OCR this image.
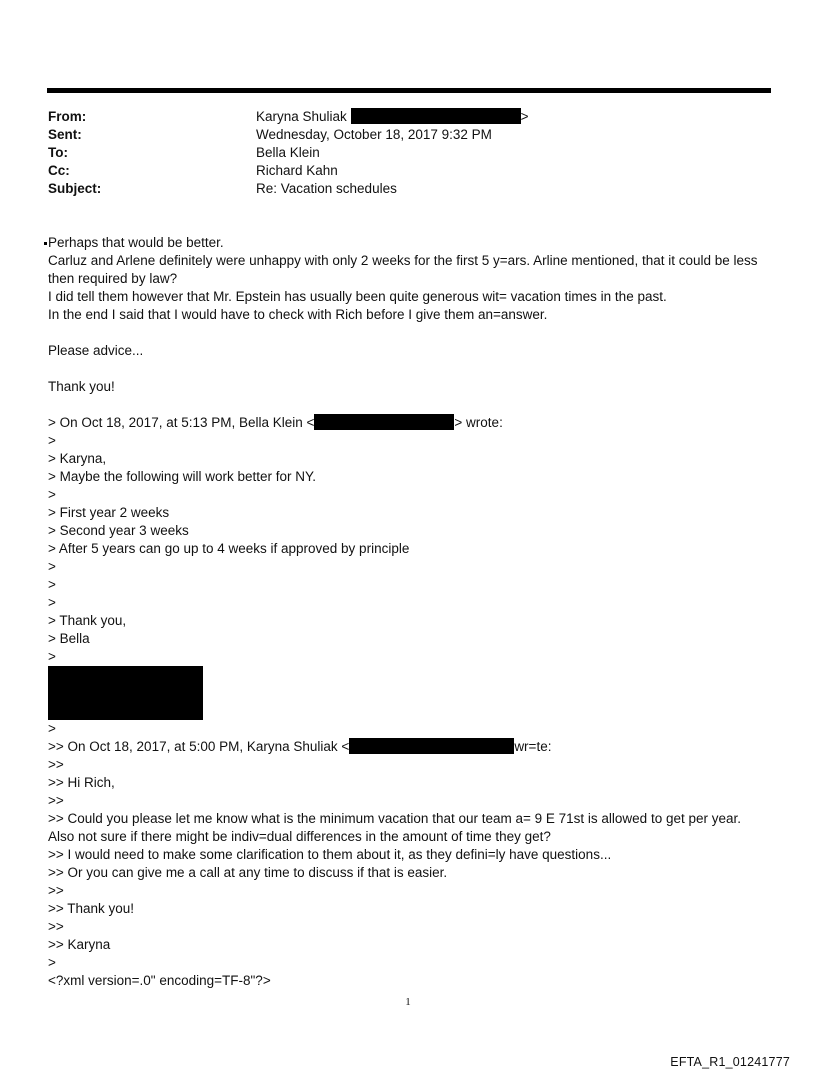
From:	Karyna Shuliak	>
Sent:	Wednesday, October 18, 2017 9:32 PM
To:	Bella Klein
Cc:	Richard Kahn
Subject:	Re: Vacation schedules
Perhaps that would be better.
Carluz and Arlene definitely were unhappy with only 2 weeks for the first 5 y=ars. Arline mentioned, that it could be less then required by law?
I did tell them however that Mr. Epstein has usually been quite generous wit= vacation times in the past.
In the end I said that I would have to check with Rich before I give them an=answer.
Please advice...
Thank you!
> On Oct 18, 2017, at 5:13 PM, Bella Klein <	> wrote:
>
> Karyna,
> Maybe the following will work better for NY.
>
> First year 2 weeks
> Second year 3 weeks
> After 5 years can go up to 4 weeks if approved by principle
>
>
>
> Thank you,
> Bella
>
>
>> On Oct 18, 2017, at 5:00 PM, Karyna Shuliak <	wr=te:
>>
>> Hi Rich,
>>
>> Could you please let me know what is the minimum vacation that our team a= 9 E 71st is allowed to get per year.
Also not sure if there might be indiv=dual differences in the amount of time they get?
>> I would need to make some clarification to them about it, as they defini=ly have questions...
>> Or you can give me a call at any time to discuss if that is easier.
>>
>> Thank you!
>>
>> Karyna
>
<?xml version=.0" encoding=TF-8"?>
1
EFTA_R1_01241777
